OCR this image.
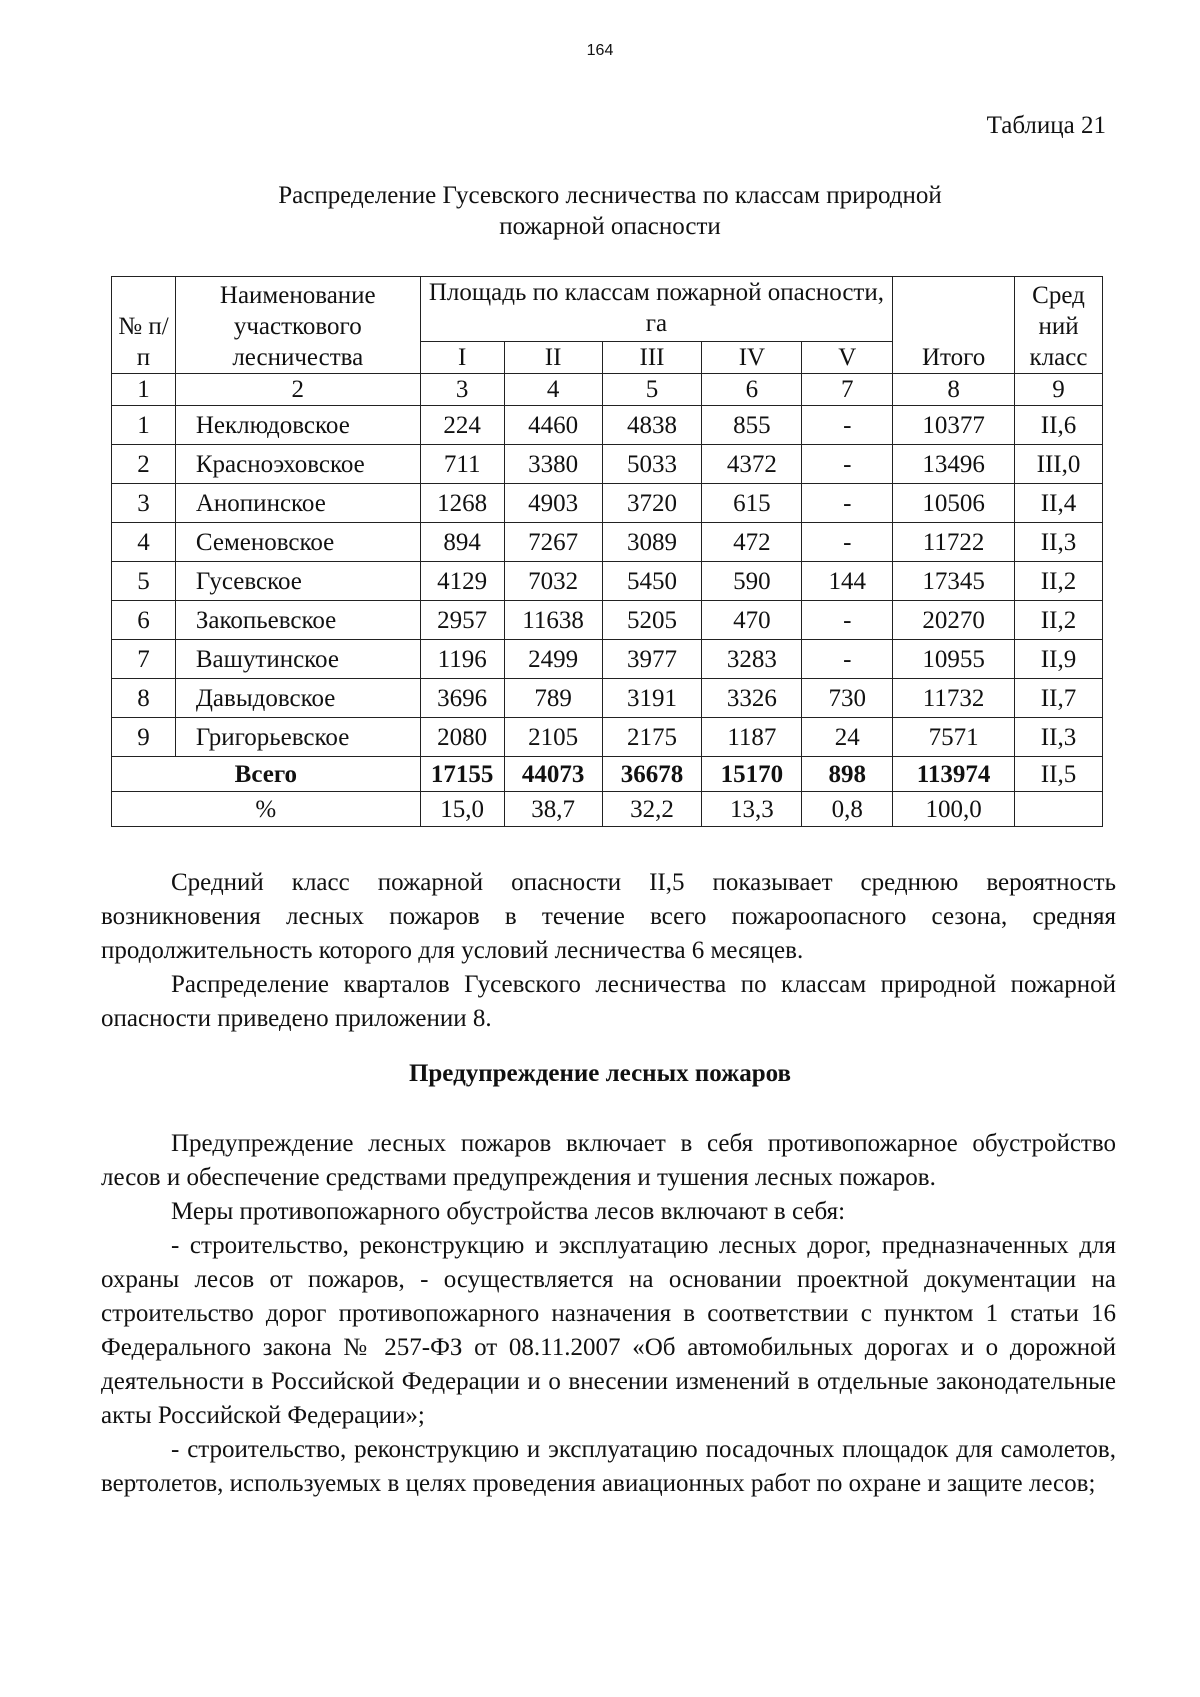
164
Таблица 21
Распределение Гусевского лесничества по классам природной
пожарной опасности
№ п/п	Наименование участкового лесничества	Площадь по классам пожарной опасности, га					Итого	Сред ний класс
		I	II	III	IV	V		
1	2	3	4	5	6	7	8	9
1	Неклюдовское	224	4460	4838	855	-	10377	II,6
2	Красноэховское	711	3380	5033	4372	-	13496	III,0
3	Анопинское	1268	4903	3720	615	-	10506	II,4
4	Семеновское	894	7267	3089	472	-	11722	II,3
5	Гусевское	4129	7032	5450	590	144	17345	II,2
6	Закопьевское	2957	11638	5205	470	-	20270	II,2
7	Вашутинское	1196	2499	3977	3283	-	10955	II,9
8	Давыдовское	3696	789	3191	3326	730	11732	II,7
9	Григорьевское	2080	2105	2175	1187	24	7571	II,3
Всего		17155	44073	36678	15170	898	113974	II,5
%		15,0	38,7	32,2	13,3	0,8	100,0	

Средний класс пожарной опасности II,5 показывает среднюю вероятность возникновения лесных пожаров в течение всего пожароопасного сезона, средняя продолжительность которого для условий лесничества 6 месяцев.

Распределение кварталов Гусевского лесничества по классам природной пожарной опасности приведено приложении 8.

Предупреждение лесных пожаров

Предупреждение лесных пожаров включает в себя противопожарное обустройство лесов и обеспечение средствами предупреждения и тушения лесных пожаров.

Меры противопожарного обустройства лесов включают в себя:

- строительство, реконструкцию и эксплуатацию лесных дорог, предназначенных для охраны лесов от пожаров, - осуществляется на основании проектной документации на строительство дорог противопожарного назначения в соответствии с пунктом 1 статьи 16 Федерального закона № 257-ФЗ от 08.11.2007 «Об автомобильных дорогах и о дорожной деятельности в Российской Федерации и о внесении изменений в отдельные законодательные акты Российской Федерации»;

- строительство, реконструкцию и эксплуатацию посадочных площадок для самолетов, вертолетов, используемых в целях проведения авиационных работ по охране и защите лесов;
